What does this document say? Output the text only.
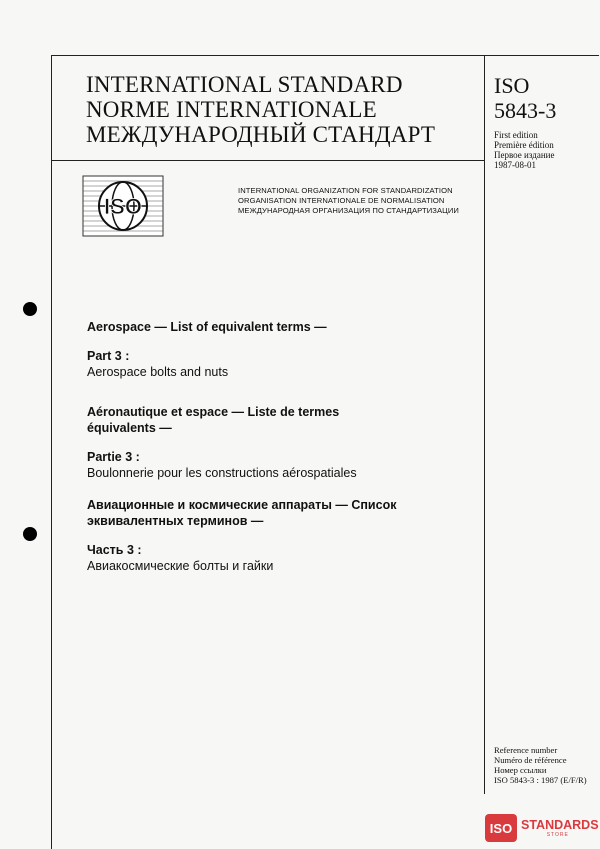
INTERNATIONAL STANDARD
NORME INTERNATIONALE
МЕЖДУНАРОДНЫЙ СТАНДАРТ
ISO
5843-3
First edition
Première édition
Первое издание
1987-08-01
ISO
INTERNATIONAL ORGANIZATION FOR STANDARDIZATION
ORGANISATION INTERNATIONALE DE NORMALISATION
МЕЖДУНАРОДНАЯ ОРГАНИЗАЦИЯ ПО СТАНДАРТИЗАЦИИ
Aerospace — List of equivalent terms —
Part 3 :
Aerospace bolts and nuts
Aéronautique et espace — Liste de termes
équivalents —
Partie 3 :
Boulonnerie pour les constructions aérospatiales
Авиационные и космические аппараты — Список
эквивалентных терминов —
Часть 3 :
Авиакосмические болты и гайки
Reference number
Numéro de référence
Номер ссылки
ISO 5843-3 : 1987 (E/F/R)
ISO STANDARDS
STORE
